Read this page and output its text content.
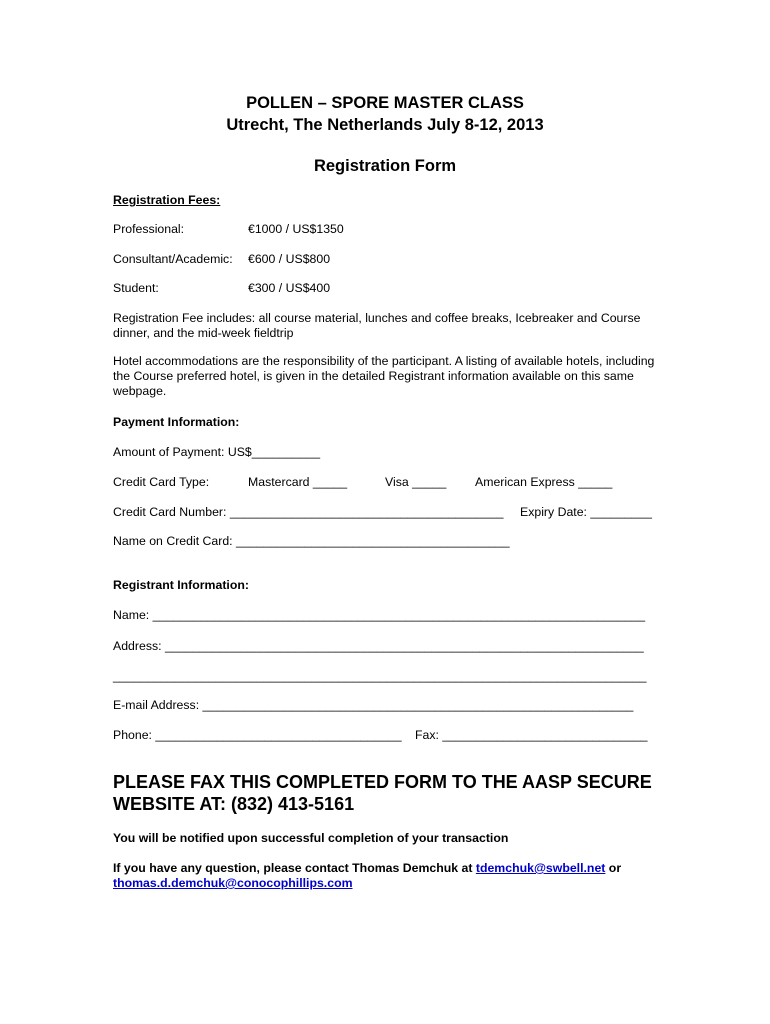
POLLEN – SPORE MASTER CLASS
Utrecht, The Netherlands July 8-12, 2013
Registration Form
Registration Fees:
Professional:	€1000 / US$1350
Consultant/Academic: €600 / US$800
Student:	€300 / US$400
Registration Fee includes: all course material, lunches and coffee breaks, Icebreaker and Course dinner, and the mid-week fieldtrip
Hotel accommodations are the responsibility of the participant. A listing of available hotels, including the Course preferred hotel, is given in the detailed Registrant information available on this same webpage.
Payment Information:
Amount of Payment: US$__________
Credit Card Type:	Mastercard _____	Visa _____ American Express _____
Credit Card Number: ________________________________________ Expiry Date: _________
Name on Credit Card: ________________________________________
Registrant Information:
Name: ________________________________________________________________________
Address: ______________________________________________________________________
______________________________________________________________________________
E-mail Address: _______________________________________________________________
Phone: ____________________________________ Fax: ______________________________
PLEASE FAX THIS COMPLETED FORM TO THE AASP SECURE
WEBSITE AT: (832) 413-5161
You will be notified upon successful completion of your transaction
If you have any question, please contact Thomas Demchuk at tdemchuk@swbell.net or
thomas.d.demchuk@conocophillips.com
